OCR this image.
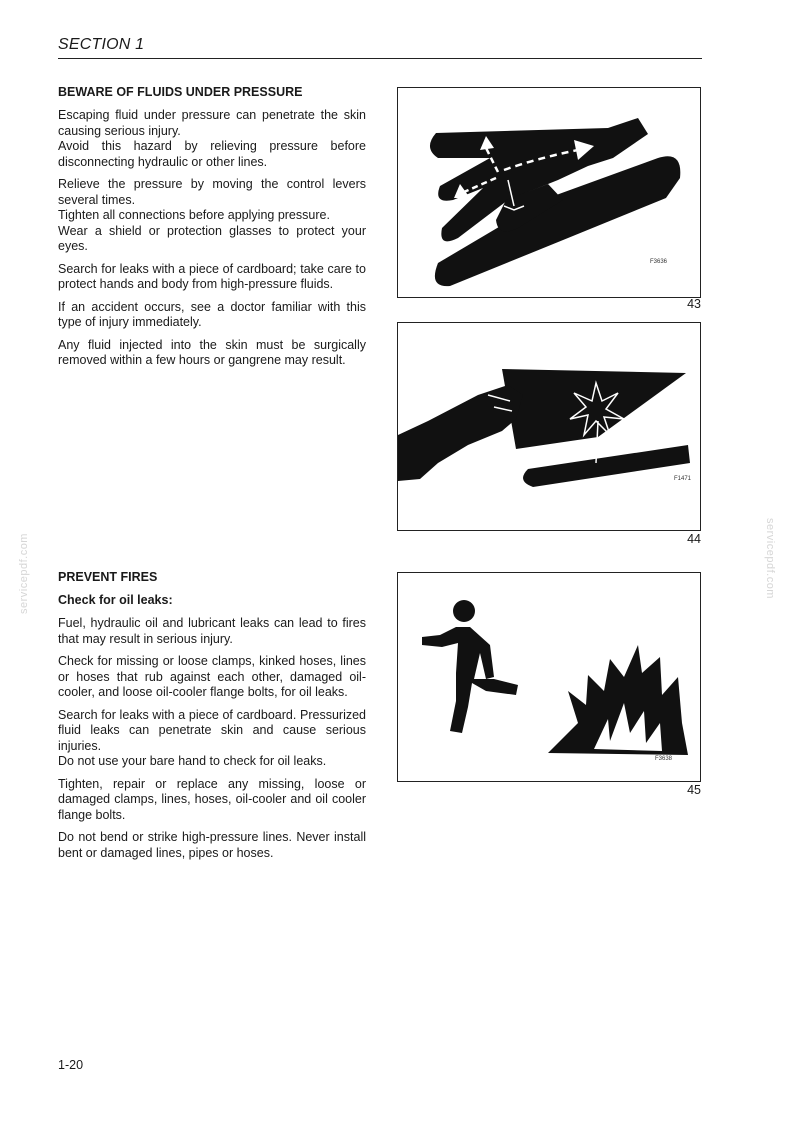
SECTION 1
BEWARE OF FLUIDS UNDER PRESSURE
Escaping fluid under pressure can penetrate the skin causing serious injury.
Avoid this hazard by relieving pressure before disconnecting hydraulic or other lines.
Relieve the pressure by moving the control levers several times.
Tighten all connections before applying pressure.
Wear a shield or protection glasses to protect your eyes.
Search for leaks with a piece of cardboard; take care to protect hands and body from high-pressure fluids.
If an accident occurs, see a doctor familiar with this type of injury immediately.
Any fluid injected into the skin must be surgically removed within a few hours or gangrene may result.
PREVENT FIRES
Check for oil leaks:
Fuel, hydraulic oil and lubricant leaks can lead to fires that may result in serious injury.
Check for missing or loose clamps, kinked hoses, lines or hoses that rub against each other, damaged oil-cooler, and loose oil-cooler flange bolts, for oil leaks.
Search for leaks with a piece of cardboard. Pressurized fluid leaks can penetrate skin and cause serious injuries.
Do not use your bare hand to check for oil leaks.
Tighten, repair or replace any missing, loose or damaged clamps, lines, hoses, oil-cooler and oil cooler flange bolts.
Do not bend or strike high-pressure lines. Never install bent or damaged lines, pipes or hoses.
F3636
43
F1471
44
F3638
45
servicepdf.com	servicepdf.com
1-20
